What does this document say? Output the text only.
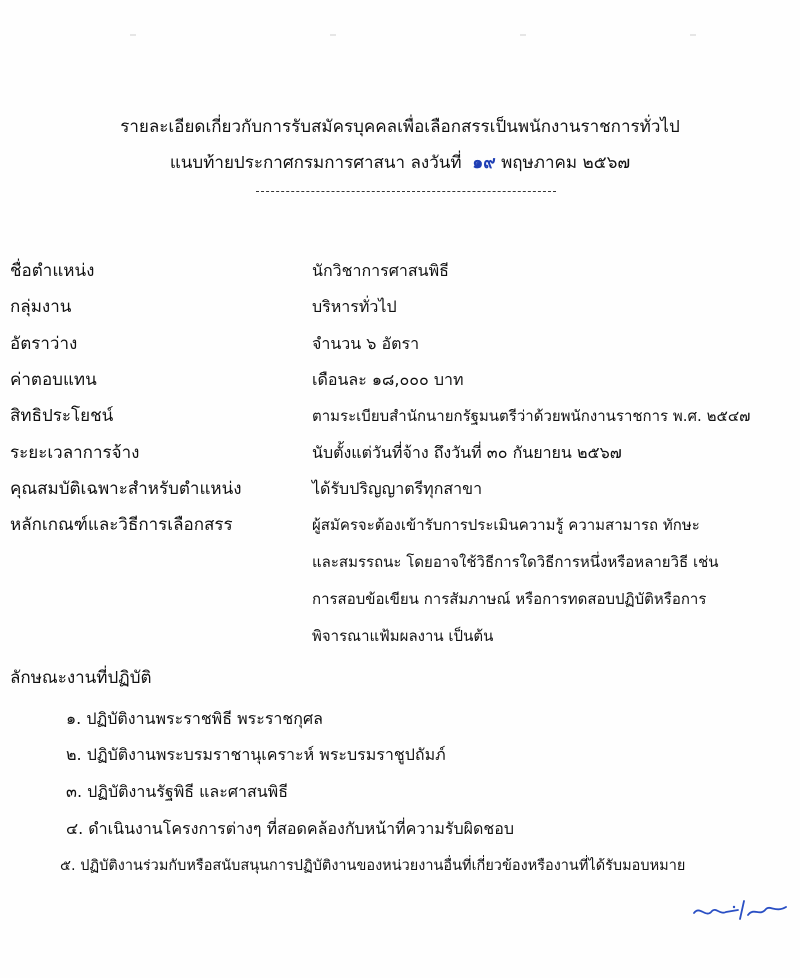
รายละเอียดเกี่ยวกับการรับสมัครบุคคลเพื่อเลือกสรรเป็นพนักงานราชการทั่วไป
แนบท้ายประกาศกรมการศาสนา ลงวันที่ ๑๙ พฤษภาคม ๒๕๖๗
ชื่อตำแหน่ง	นักวิชาการศาสนพิธี
กลุ่มงาน	บริหารทั่วไป
อัตราว่าง	จำนวน ๖ อัตรา
ค่าตอบแทน	เดือนละ ๑๘,๐๐๐ บาท
สิทธิประโยชน์	ตามระเบียบสำนักนายกรัฐมนตรีว่าด้วยพนักงานราชการ พ.ศ. ๒๕๔๗
ระยะเวลาการจ้าง	นับตั้งแต่วันที่จ้าง ถึงวันที่ ๓๐ กันยายน ๒๕๖๗
คุณสมบัติเฉพาะสำหรับตำแหน่ง	ได้รับปริญญาตรีทุกสาขา
หลักเกณฑ์และวิธีการเลือกสรร	ผู้สมัครจะต้องเข้ารับการประเมินความรู้ ความสามารถ ทักษะ
และสมรรถนะ โดยอาจใช้วิธีการใดวิธีการหนึ่งหรือหลายวิธี เช่น
การสอบข้อเขียน การสัมภาษณ์ หรือการทดสอบปฏิบัติหรือการ
พิจารณาแฟ้มผลงาน เป็นต้น
ลักษณะงานที่ปฏิบัติ
๑. ปฏิบัติงานพระราชพิธี พระราชกุศล
๒. ปฏิบัติงานพระบรมราชานุเคราะห์ พระบรมราชูปถัมภ์
๓. ปฏิบัติงานรัฐพิธี และศาสนพิธี
๔. ดำเนินงานโครงการต่างๆ ที่สอดคล้องกับหน้าที่ความรับผิดชอบ
๕. ปฏิบัติงานร่วมกับหรือสนับสนุนการปฏิบัติงานของหน่วยงานอื่นที่เกี่ยวข้องหรืองานที่ได้รับมอบหมาย
